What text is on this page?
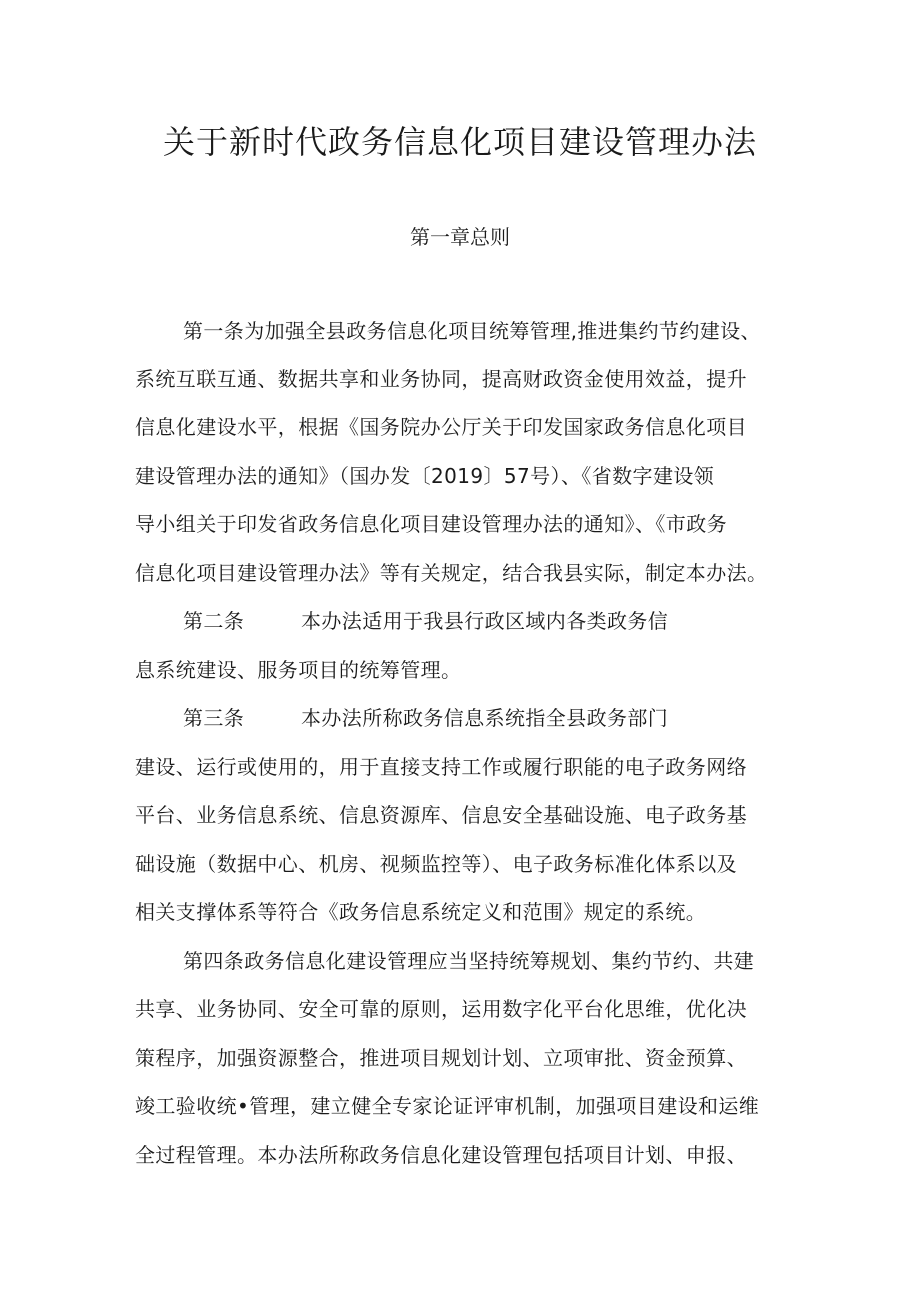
关于新时代政务信息化项目建设管理办法
第一章总则
第一条为加强全县政务信息化项目统筹管理,推进集约节约建设、
系统互联互通、数据共享和业务协同，提高财政资金使用效益，提升
信息化建设水平，根据《国务院办公厅关于印发国家政务信息化项目
建设管理办法的通知》（国办发〔2019〕57号）、《省数字建设领
导小组关于印发省政务信息化项目建设管理办法的通知》、《市政务
信息化项目建设管理办法》等有关规定，结合我县实际，制定本办法。
第二条	本办法适用于我县行政区域内各类政务信
息系统建设、服务项目的统筹管理。
第三条	本办法所称政务信息系统指全县政务部门
建设、运行或使用的，用于直接支持工作或履行职能的电子政务网络
平台、业务信息系统、信息资源库、信息安全基础设施、电子政务基
础设施（数据中心、机房、视频监控等）、电子政务标准化体系以及
相关支撑体系等符合《政务信息系统定义和范围》规定的系统。
第四条政务信息化建设管理应当坚持统筹规划、集约节约、共建
共享、业务协同、安全可靠的原则，运用数字化平台化思维，优化决
策程序，加强资源整合，推进项目规划计划、立项审批、资金预算、
竣工验收统•管理，建立健全专家论证评审机制，加强项目建设和运维
全过程管理。本办法所称政务信息化建设管理包括项目计划、申报、
